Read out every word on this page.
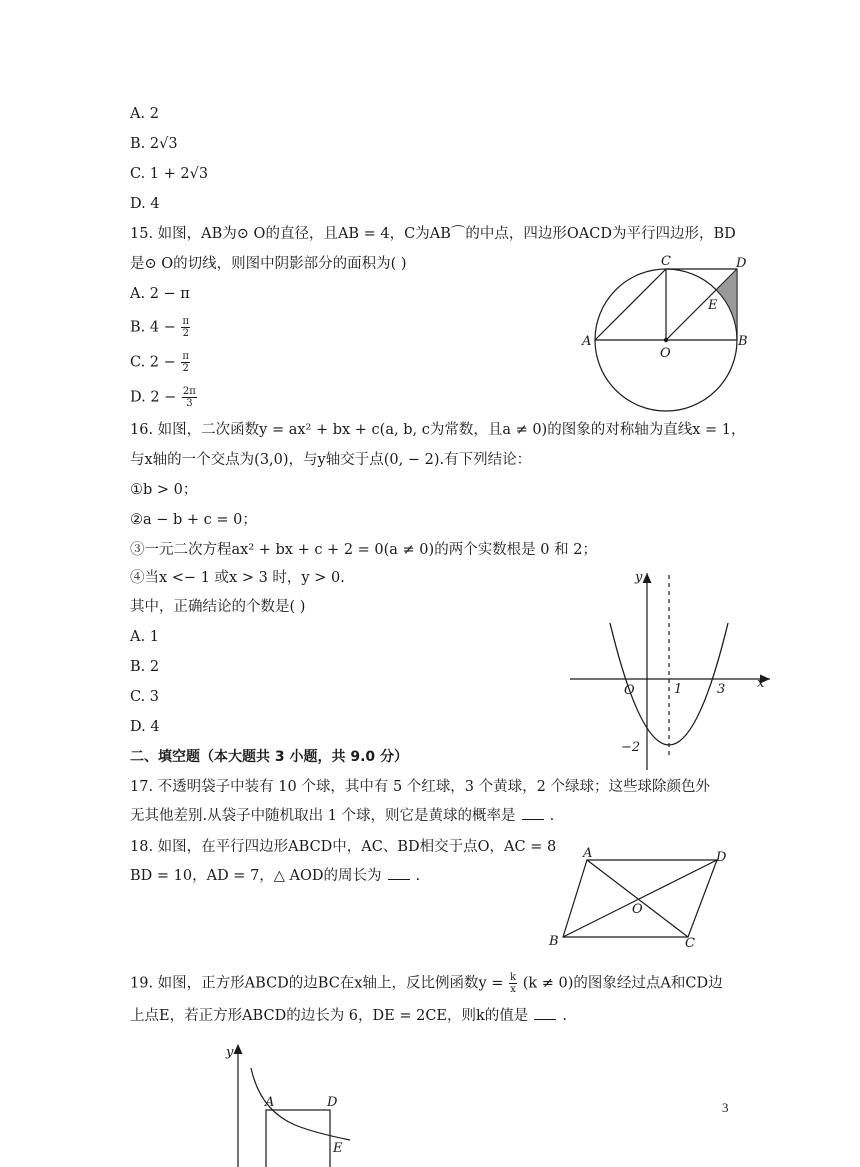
A. 2
B. 2√3
C. 1 + 2√3
D. 4
15. 如图，AB为⊙ O的直径，且AB = 4，C为AB⌒的中点，四边形OACD为平行四边形，BD
是⊙ O的切线，则图中阴影部分的面积为( )
A. 2 − π
B. $4 - \frac{\pi}{2}$
C. $2 - \frac{\pi}{2}$
D. $2 - \frac{2\pi}{3}$
16. 如图，二次函数y = ax² + bx + c(a, b, c为常数，且a ≠ 0)的图象的对称轴为直线x = 1，
与x轴的一个交点为(3,0)，与y轴交于点(0, − 2).有下列结论：
①b > 0；
②a − b + c = 0；
③一元二次方程ax² + bx + c + 2 = 0(a ≠ 0)的两个实数根是 0 和 2；
④当x <− 1 或x > 3 时，y > 0.
其中，正确结论的个数是( )
A. 1
B. 2
C. 3
D. 4
二、填空题（本大题共 3 小题，共 9.0 分）
17. 不透明袋子中装有 10 个球，其中有 5 个红球，3 个黄球，2 个绿球；这些球除颜色外
无其他差别.从袋子中随机取出 1 个球，则它是黄球的概率是 .
18. 如图，在平行四边形ABCD中，AC、BD相交于点O，AC = 8
BD = 10，AD = 7，△ AOD的周长为 .
19. 如图，正方形ABCD的边BC在x轴上，反比例函数$y = \frac{k}{x} (k \ne 0)$的图象经过点A和CD边
上点E，若正方形ABCD的边长为 6，DE = 2CE，则k的值是 .
C	D
E
A
O
B
y
x
O	1	3
−2
A	D
O
B	C
y
A	D
E
3
